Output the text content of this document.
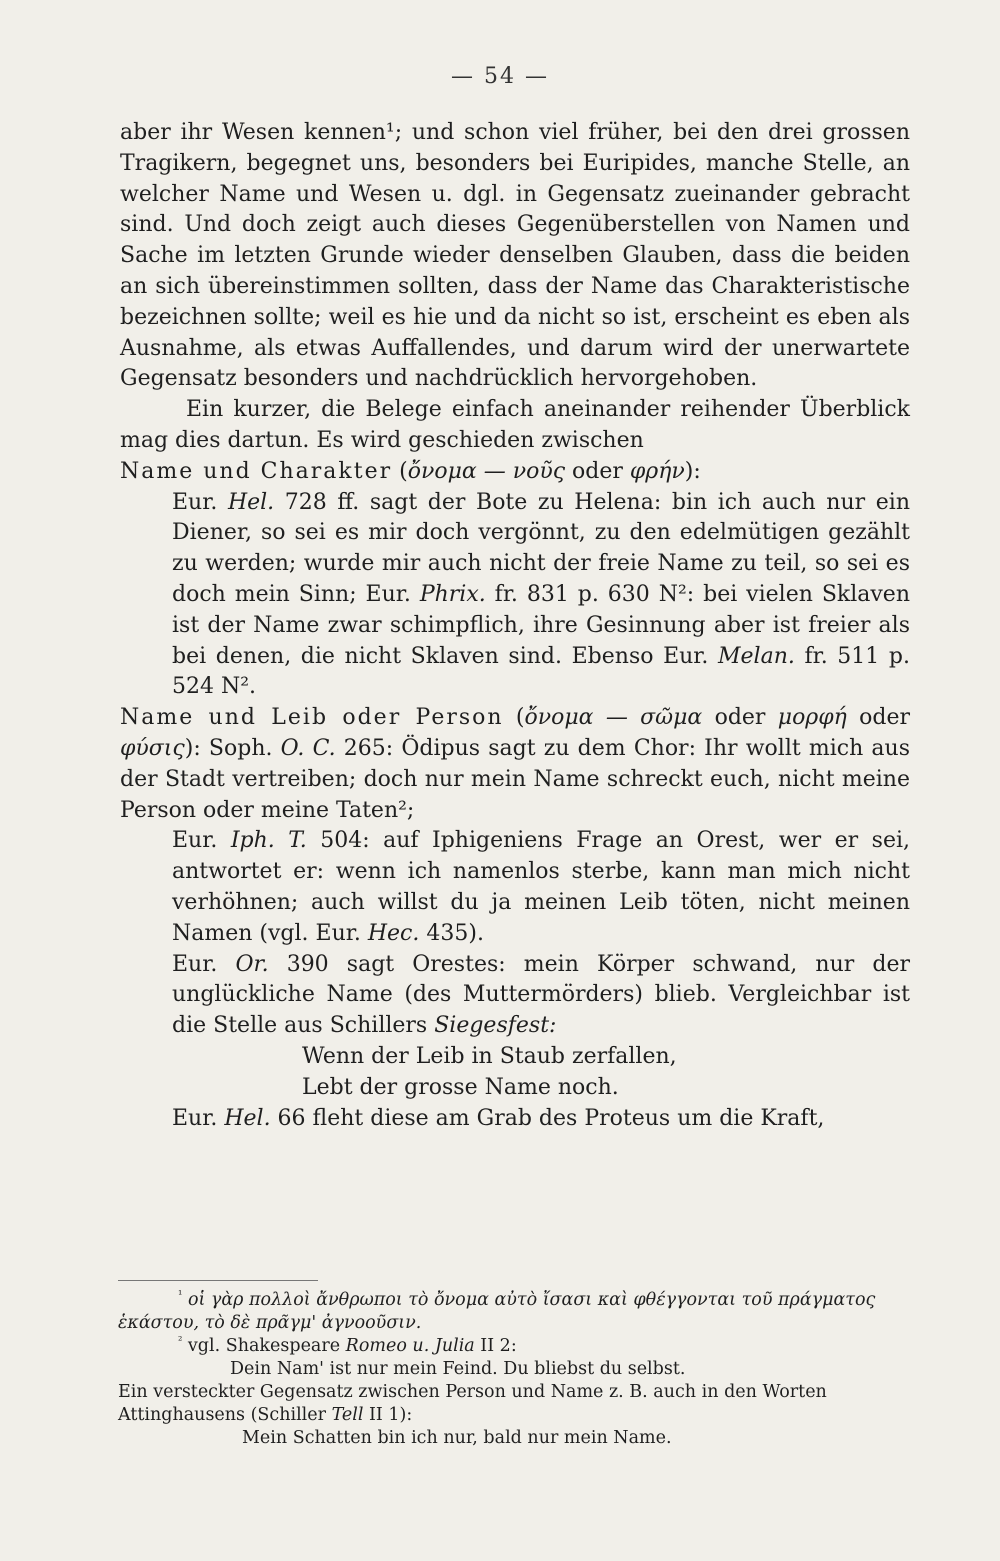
— 54 —

aber ihr Wesen kennen¹; und schon viel früher, bei den drei grossen Tragikern, begegnet uns, besonders bei Euripides, manche Stelle, an welcher Name und Wesen u. dgl. in Gegensatz zueinander gebracht sind. Und doch zeigt auch dieses Gegenüberstellen von Namen und Sache im letzten Grunde wieder denselben Glauben, dass die beiden an sich übereinstimmen sollten, dass der Name das Charakteristische bezeichnen sollte; weil es hie und da nicht so ist, erscheint es eben als Ausnahme, als etwas Auffallendes, und darum wird der unerwartete Gegensatz besonders und nachdrücklich hervorgehoben.

Ein kurzer, die Belege einfach aneinander reihender Überblick mag dies dartun. Es wird geschieden zwischen

Name und Charakter (ὄνομα — νοῦς oder φρήν):

Eur. Hel. 728 ff. sagt der Bote zu Helena: bin ich auch nur ein Diener, so sei es mir doch vergönnt, zu den edelmütigen gezählt zu werden; wurde mir auch nicht der freie Name zu teil, so sei es doch mein Sinn; Eur. Phrix. fr. 831 p. 630 N²: bei vielen Sklaven ist der Name zwar schimpflich, ihre Gesinnung aber ist freier als bei denen, die nicht Sklaven sind. Ebenso Eur. Melan. fr. 511 p. 524 N².

Name und Leib oder Person (ὄνομα — σῶμα oder μορφή oder φύσις): Soph. O. C. 265: Ödipus sagt zu dem Chor: Ihr wollt mich aus der Stadt vertreiben; doch nur mein Name schreckt euch, nicht meine Person oder meine Taten²;

Eur. Iph. T. 504: auf Iphigeniens Frage an Orest, wer er sei, antwortet er: wenn ich namenlos sterbe, kann man mich nicht verhöhnen; auch willst du ja meinen Leib töten, nicht meinen Namen (vgl. Eur. Hec. 435).

Eur. Or. 390 sagt Orestes: mein Körper schwand, nur der unglückliche Name (des Muttermörders) blieb. Vergleichbar ist die Stelle aus Schillers Siegesfest:

Wenn der Leib in Staub zerfallen,

Lebt der grosse Name noch.

Eur. Hel. 66 fleht diese am Grab des Proteus um die Kraft,

$^{^1}$ οἱ γὰρ πολλοὶ ἄνθρωποι τὸ ὄνομα αὐτὸ ἴσασι καὶ φθέγγονται τοῦ πράγματος ἑκάστου, τὸ δὲ πρᾶγμ' ἀγνοοῦσιν.

$^{^2}$ vgl. Shakespeare Romeo u. Julia II 2:

Dein Nam' ist nur mein Feind. Du bliebst du selbst.

Ein versteckter Gegensatz zwischen Person und Name z. B. auch in den Worten Attinghausens (Schiller Tell II 1):

Mein Schatten bin ich nur, bald nur mein Name.
